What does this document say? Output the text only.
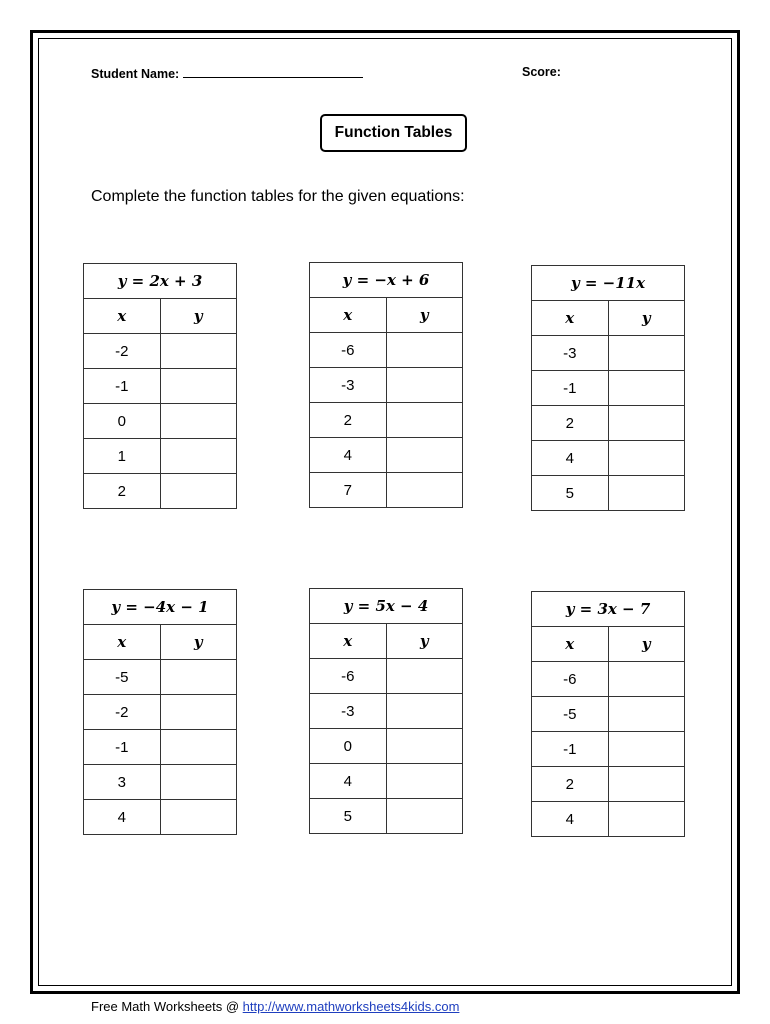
Student Name:	Score:
Function Tables
Complete the function tables for the given equations:
y = 2x + 3	
x	y
-2	
-1	
0	
1	
2	
y = −x + 6	
x	y
-6	
-3	
2	
4	
7	
y = −11x	
x	y
-3	
-1	
2	
4	
5	
y = −4x − 1	
x	y
-5	
-2	
-1	
3	
4	
y = 5x − 4	
x	y
-6	
-3	
0	
4	
5	
y = 3x − 7	
x	y
-6	
-5	
-1	
2	
4	
Free Math Worksheets @ http://www.mathworksheets4kids.com
